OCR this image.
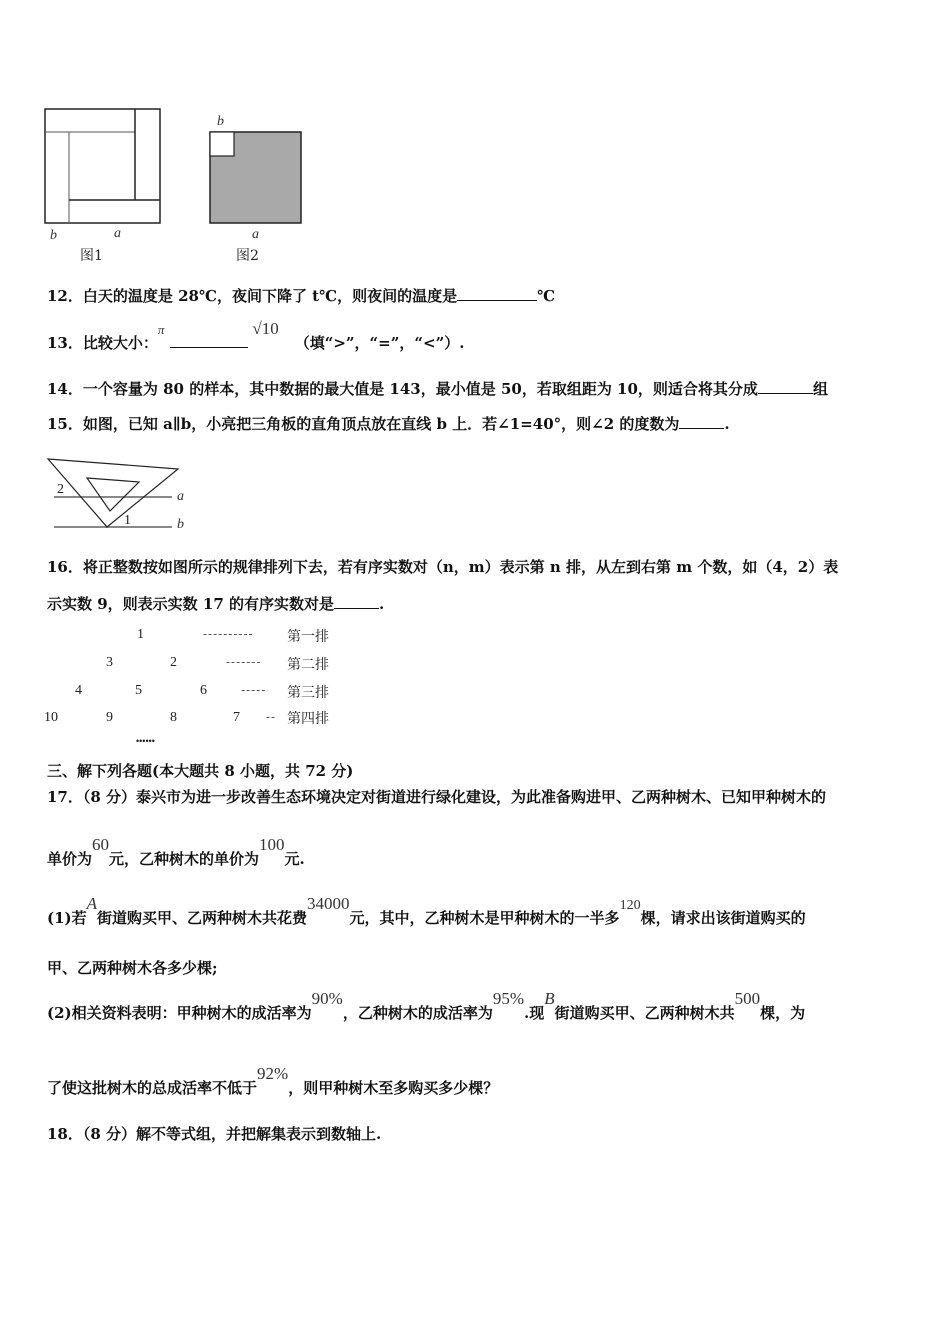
b	a
图1
b
a
图2
12．白天的温度是 28℃，夜间下降了 t℃，则夜间的温度是	℃
13．比较大小：π	√10（填“>”，“=”，“<”）.
14．一个容量为 80 的样本，其中数据的最大值是 143，最小值是 50，若取组距为 10，则适合将其分成	组
15．如图，已知 a∥b，小亮把三角板的直角顶点放在直线 b 上．若∠1=40°，则∠2 的度数为	.
2
1
a
b
16．将正整数按如图所示的规律排列下去，若有序实数对（n，m）表示第 n 排，从左到右第 m 个数，如（4，2）表
示实数 9，则表示实数 17 的有序实数对是	.
1	---------- 第一排
3	2	------- 第二排
4	5	6	----- 第三排
10	9	8	7 -- 第四排
••••••
三、解下列各题(本大题共 8 小题，共 72 分)
17．（8 分）泰兴市为进一步改善生态环境决定对街道进行绿化建设，为此准备购进甲、乙两种树木、已知甲种树木的
单价为60元，乙种树木的单价为100元.
(1)若A街道购买甲、乙两种树木共花费34000元，其中，乙种树木是甲种树木的一半多120棵，请求出该街道购买的
甲、乙两种树木各多少棵;
(2)相关资料表明：甲种树木的成活率为90%，乙种树木的成活率为95%.现B街道购买甲、乙两种树木共500棵，为
了使这批树木的总成活率不低于92%，则甲种树木至多购买多少棵？
18．（8 分）解不等式组，并把解集表示到数轴上.
